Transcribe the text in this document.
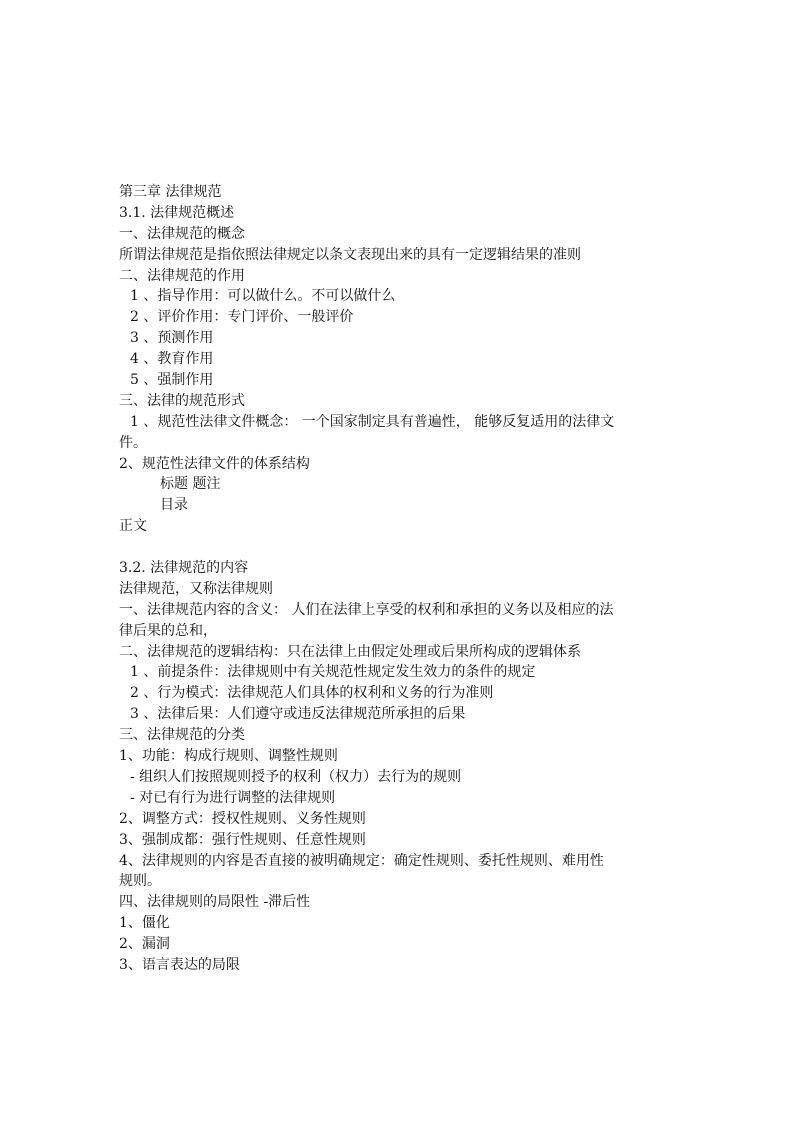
第三章 法律规范
3.1. 法律规范概述
一、法律规范的概念
所谓法律规范是指依照法律规定以条文表现出来的具有一定逻辑结果的准则
二、法律规范的作用
1 、指导作用：可以做什么。不可以做什么
2 、评价作用：专门评价、一般评价
3 、预测作用
4 、教育作用
5 、强制作用
三、法律的规范形式
1 、规范性法律文件概念： 一个国家制定具有普遍性， 能够反复适用的法律文
件。
2、规范性法律文件的体系结构
标题 题注
目录
正文
3.2. 法律规范的内容
法律规范，又称法律规则
一、法律规范内容的含义： 人们在法律上享受的权利和承担的义务以及相应的法
律后果的总和，
二、法律规范的逻辑结构：只在法律上由假定处理或后果所构成的逻辑体系
1 、前提条件：法律规则中有关规范性规定发生效力的条件的规定
2 、行为模式：法律规范人们具体的权利和义务的行为准则
3 、法律后果：人们遵守或违反法律规范所承担的后果
三、法律规范的分类
1、功能：构成行规则、调整性规则
- 组织人们按照规则授予的权利（权力）去行为的规则
- 对已有行为进行调整的法律规则
2、调整方式：授权性规则、义务性规则
3、强制成都：强行性规则、任意性规则
4、法律规则的内容是否直接的被明确规定：确定性规则、委托性规则、难用性
规则。
四、法律规则的局限性 -滞后性
1、僵化
2、漏洞
3、语言表达的局限
